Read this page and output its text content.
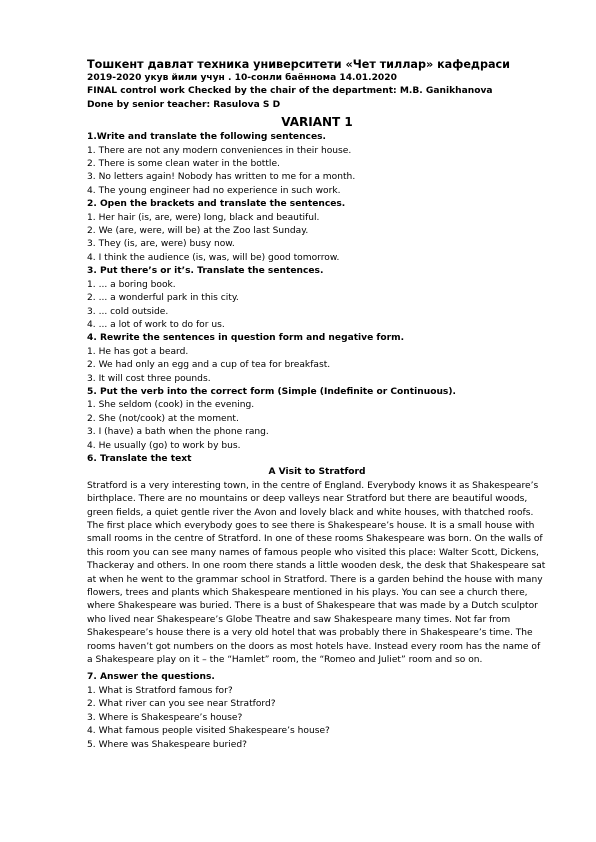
Тошкент давлат техника университети «Чет тиллар» кафедраси
2019-2020 укув йили учун . 10-сонли баённома 14.01.2020
FINAL control work Checked by the chair of the department: M.B. Ganikhanova
Done by senior teacher: Rasulova S D
VARIANT 1
1.Write and translate the following sentences.
1. There are not any modern conveniences in their house.
2. There is some clean water in the bottle.
3. No letters again! Nobody has written to me for a month.
4. The young engineer had no experience in such work.
2. Open the brackets and translate the sentences.
1. Her hair (is, are, were) long, black and beautiful.
2. We (are, were, will be) at the Zoo last Sunday.
3. They (is, are, were) busy now.
4. I think the audience (is, was, will be) good tomorrow.
3. Put there’s or it’s. Translate the sentences.
1. ... a boring book.
2. ... a wonderful park in this city.
3. ... cold outside.
4. ... a lot of work to do for us.
4. Rewrite the sentences in question form and negative form.
1. He has got a beard.
2. We had only an egg and a cup of tea for breakfast.
3. It will cost three pounds.
5. Put the verb into the correct form (Simple (Indefinite or Continuous).
1. She seldom (cook) in the evening.
2. She (not/cook) at the moment.
3. I (have) a bath when the phone rang.
4. He usually (go) to work by bus.
6. Translate the text
A Visit to Stratford
Stratford is a very interesting town, in the centre of England. Everybody knows it as Shakespeare’s birthplace. There are no mountains or deep valleys near Stratford but there are beautiful woods, green fields, a quiet gentle river the Avon and lovely black and white houses, with thatched roofs.
The first place which everybody goes to see there is Shakespeare’s house. It is a small house with small rooms in the centre of Stratford. In one of these rooms Shakespeare was born. On the walls of this room you can see many names of famous people who visited this place: Walter Scott, Dickens, Thackeray and others. In one room there stands a little wooden desk, the desk that Shakespeare sat at when he went to the grammar school in Stratford. There is a garden behind the house with many flowers, trees and plants which Shakespeare mentioned in his plays. You can see a church there, where Shakespeare was buried. There is a bust of Shakespeare that was made by a Dutch sculptor who lived near Shakespeare’s Globe Theatre and saw Shakespeare many times. Not far from Shakespeare’s house there is a very old hotel that was probably there in Shakespeare’s time. The rooms haven’t got numbers on the doors as most hotels have. Instead every room has the name of a Shakespeare play on it – the “Hamlet” room, the “Romeo and Juliet” room and so on.
7. Answer the questions.
1. What is Stratford famous for?
2. What river can you see near Stratford?
3. Where is Shakespeare’s house?
4. What famous people visited Shakespeare’s house?
5. Where was Shakespeare buried?
